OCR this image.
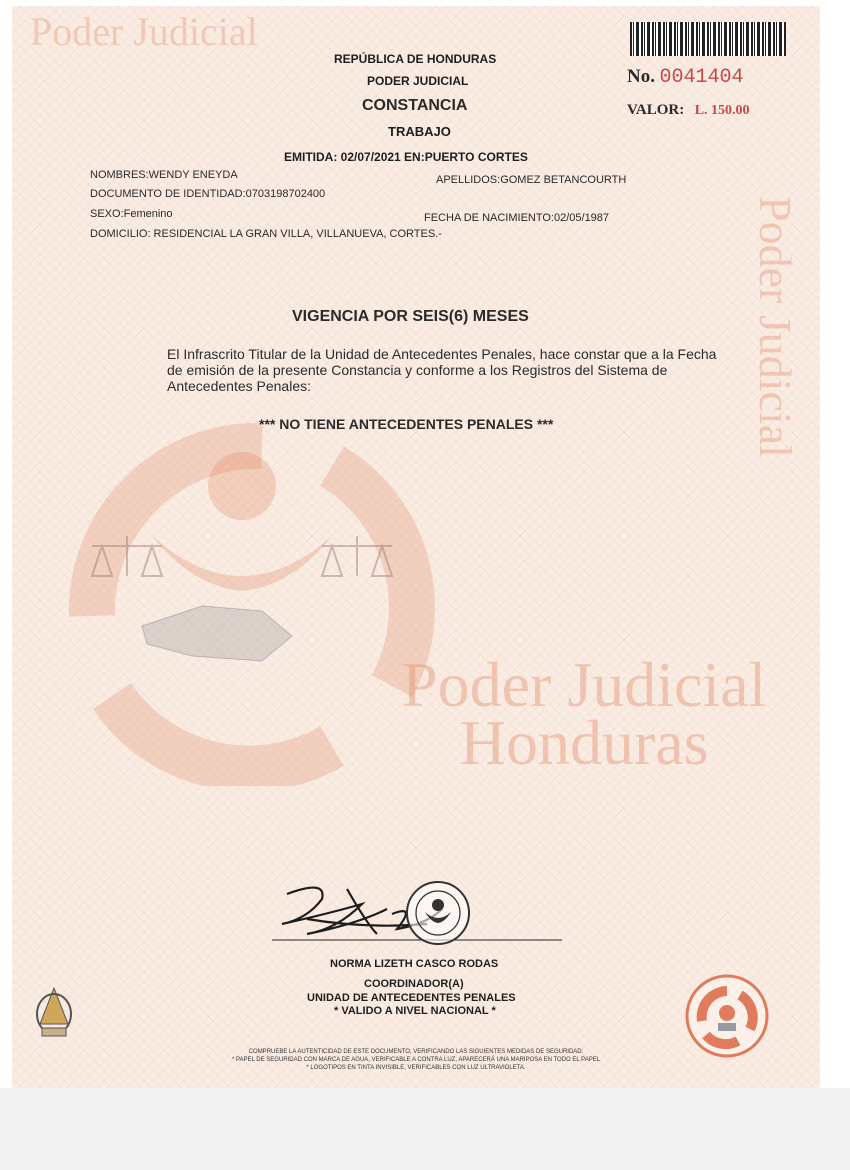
Poder Judicial
Poder Judicial
Poder Judicial
Honduras
REPÚBLICA DE HONDURAS
PODER JUDICIAL
CONSTANCIA
TRABAJO
EMITIDA: 02/07/2021 EN:PUERTO CORTES
No. 0041404
VALOR: L. 150.00
NOMBRES:WENDY ENEYDA	APELLIDOS:GOMEZ BETANCOURTH
DOCUMENTO DE IDENTIDAD:0703198702400
SEXO:Femenino	FECHA DE NACIMIENTO:02/05/1987
DOMICILIO: RESIDENCIAL LA GRAN VILLA, VILLANUEVA, CORTES.-
VIGENCIA POR SEIS(6) MESES
El Infrascrito Titular de la Unidad de Antecedentes Penales, hace constar que a la Fecha de emisión de la presente Constancia y conforme a los Registros del Sistema de Antecedentes Penales:
*** NO TIENE ANTECEDENTES PENALES ***
NORMA LIZETH CASCO RODAS
COORDINADOR(A)
UNIDAD DE ANTECEDENTES PENALES
* VALIDO A NIVEL NACIONAL *
COMPRUEBE LA AUTENTICIDAD DE ESTE DOCUMENTO, VERIFICANDO LAS SIGUIENTES MEDIDAS DE SEGURIDAD:
* PAPEL DE SEGURIDAD CON MARCA DE AGUA, VERIFICABLE A CONTRA LUZ, APARECERÁ UNA MARIPOSA EN TODO EL PAPEL
* LOGOTIPOS EN TINTA INVISIBLE, VERIFICABLES CON LUZ ULTRAVIOLETA.
